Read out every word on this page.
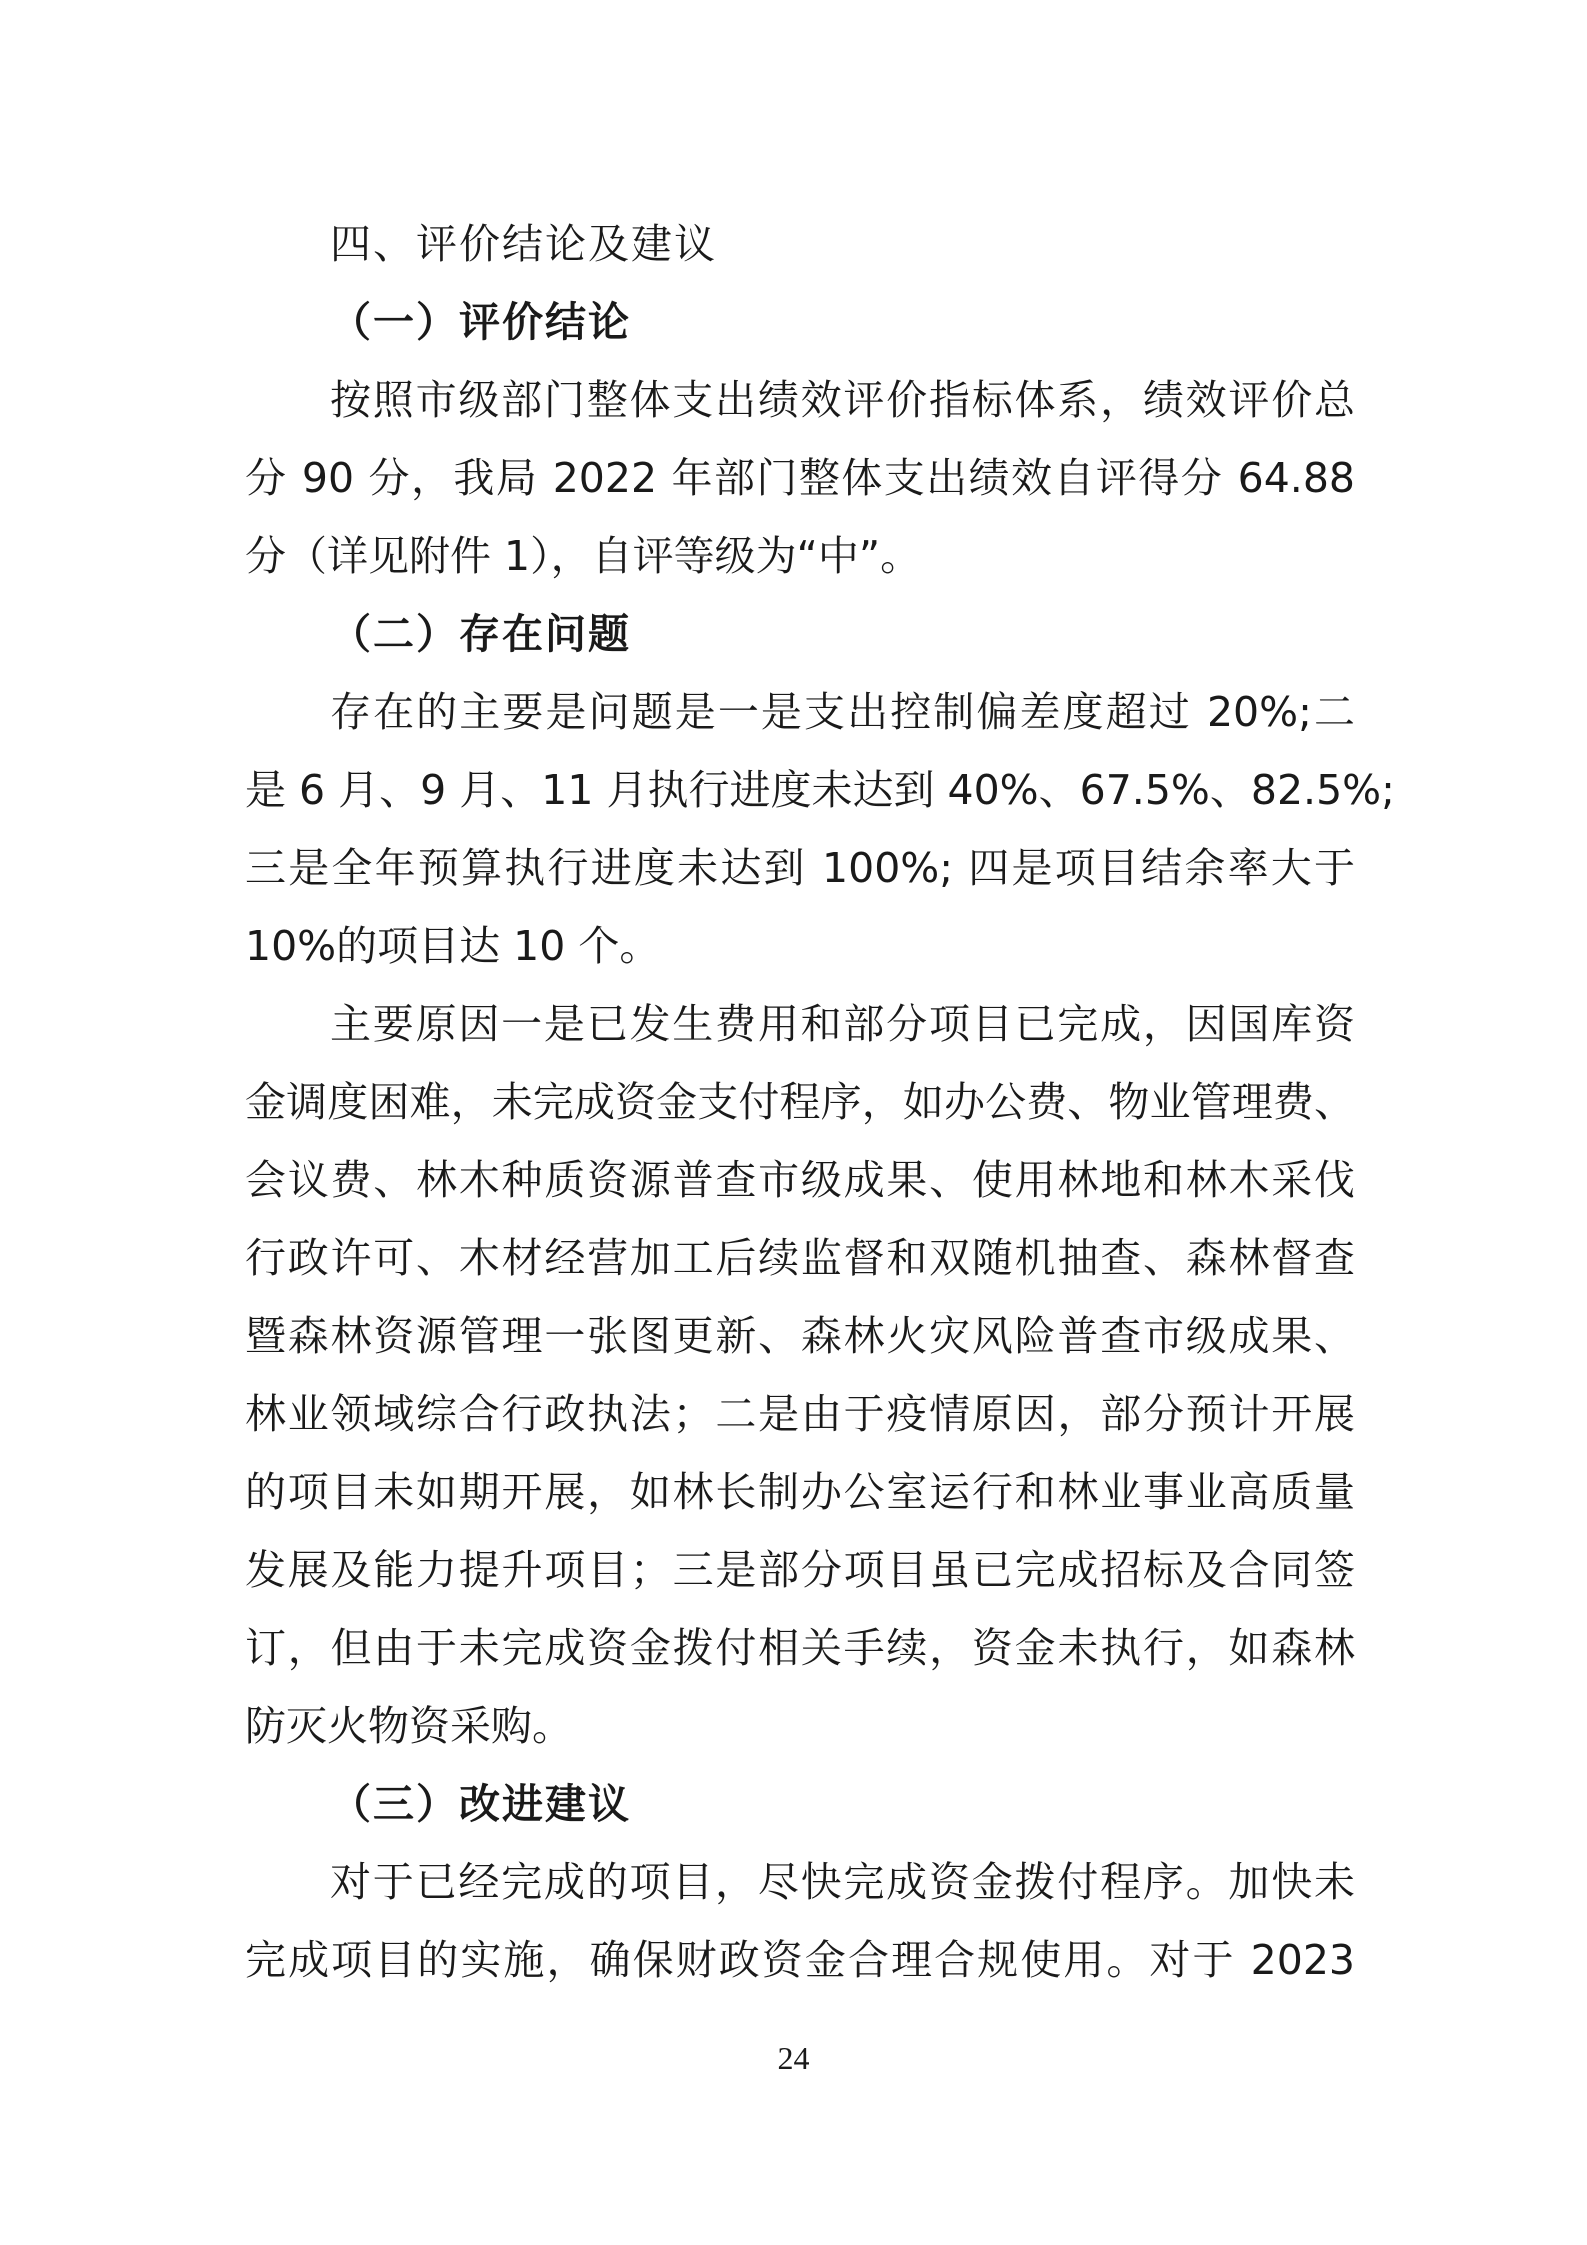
四、评价结论及建议
（一）评价结论
按照市级部门整体支出绩效评价指标体系，绩效评价总
分 90 分，我局 2022 年部门整体支出绩效自评得分 64.88
分（详见附件 1），自评等级为“中”。
（二）存在问题
存在的主要是问题是一是支出控制偏差度超过 20%;二
是 6 月、9 月、11 月执行进度未达到 40%、67.5%、82.5%;
三是全年预算执行进度未达到 100%; 四是项目结余率大于
10%的项目达 10 个。
主要原因一是已发生费用和部分项目已完成，因国库资
金调度困难，未完成资金支付程序，如办公费、物业管理费、
会议费、林木种质资源普查市级成果、使用林地和林木采伐
行政许可、木材经营加工后续监督和双随机抽查、森林督查
暨森林资源管理一张图更新、森林火灾风险普查市级成果、
林业领域综合行政执法；二是由于疫情原因，部分预计开展
的项目未如期开展，如林长制办公室运行和林业事业高质量
发展及能力提升项目；三是部分项目虽已完成招标及合同签
订，但由于未完成资金拨付相关手续，资金未执行，如森林
防灭火物资采购。
（三）改进建议
对于已经完成的项目，尽快完成资金拨付程序。加快未
完成项目的实施，确保财政资金合理合规使用。对于 2023
24
